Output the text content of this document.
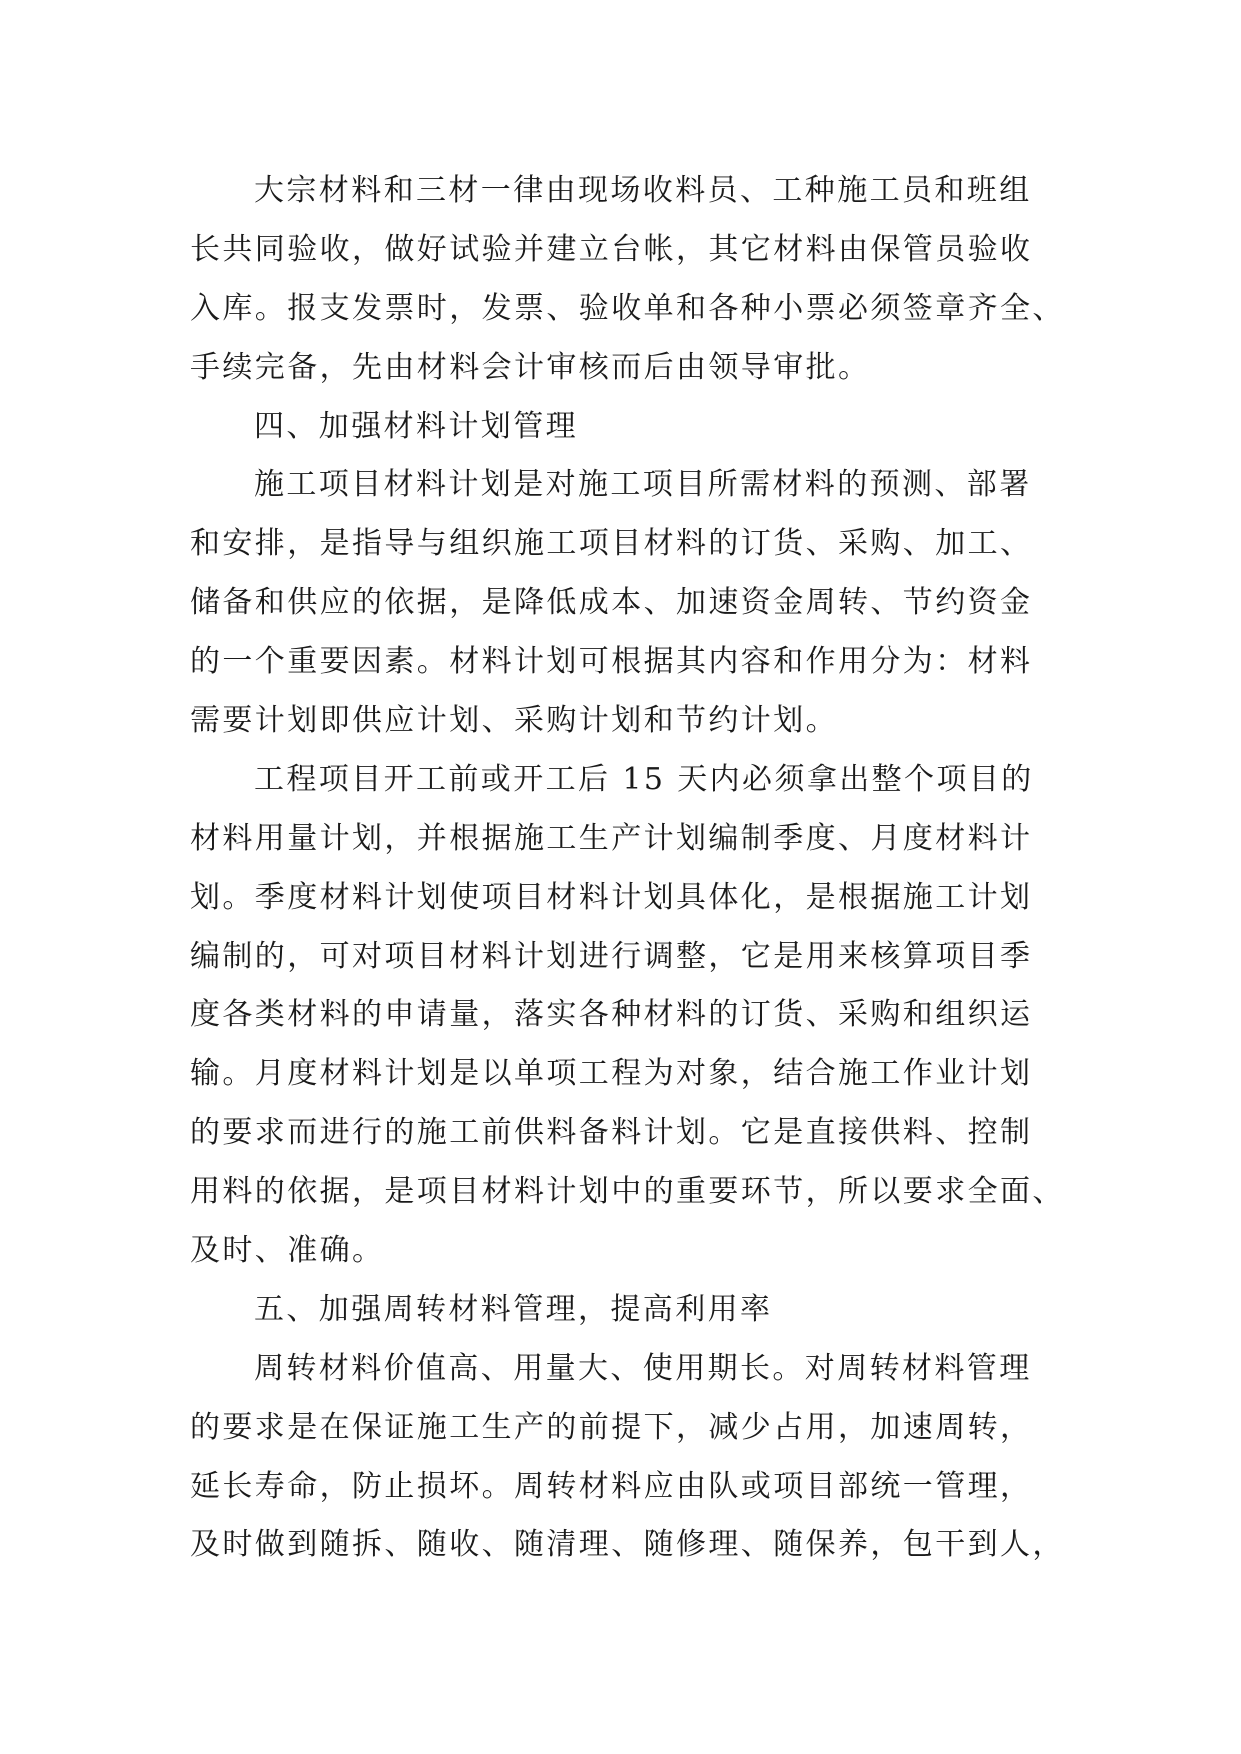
大宗材料和三材一律由现场收料员、工种施工员和班组
长共同验收，做好试验并建立台帐，其它材料由保管员验收
入库。报支发票时，发票、验收单和各种小票必须签章齐全、
手续完备，先由材料会计审核而后由领导审批。
四、加强材料计划管理
施工项目材料计划是对施工项目所需材料的预测、部署
和安排，是指导与组织施工项目材料的订货、采购、加工、
储备和供应的依据，是降低成本、加速资金周转、节约资金
的一个重要因素。材料计划可根据其内容和作用分为：材料
需要计划即供应计划、采购计划和节约计划。
工程项目开工前或开工后 15 天内必须拿出整个项目的
材料用量计划，并根据施工生产计划编制季度、月度材料计
划。季度材料计划使项目材料计划具体化，是根据施工计划
编制的，可对项目材料计划进行调整，它是用来核算项目季
度各类材料的申请量，落实各种材料的订货、采购和组织运
输。月度材料计划是以单项工程为对象，结合施工作业计划
的要求而进行的施工前供料备料计划。它是直接供料、控制
用料的依据，是项目材料计划中的重要环节，所以要求全面、
及时、准确。
五、加强周转材料管理，提高利用率
周转材料价值高、用量大、使用期长。对周转材料管理
的要求是在保证施工生产的前提下，减少占用，加速周转，
延长寿命，防止损坏。周转材料应由队或项目部统一管理，
及时做到随拆、随收、随清理、随修理、随保养，包干到人，
